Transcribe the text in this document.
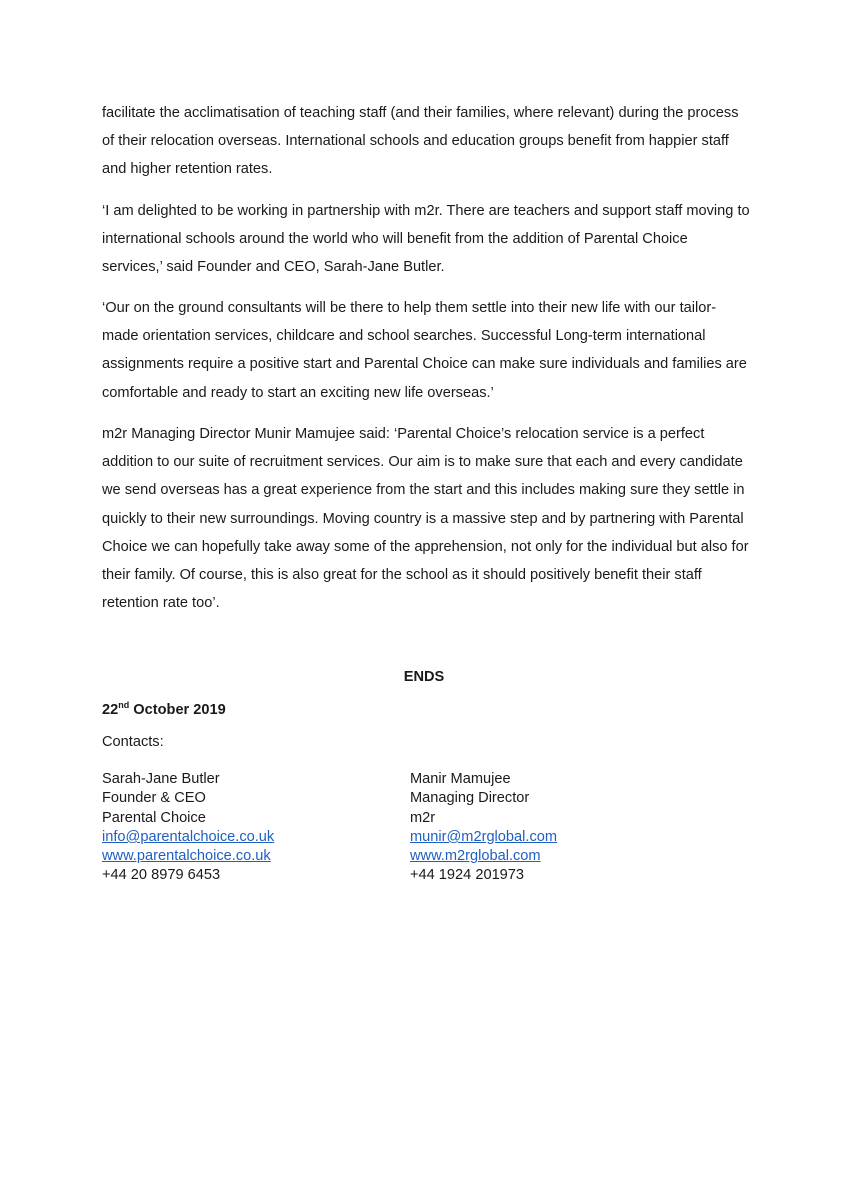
facilitate the acclimatisation of teaching staff (and their families, where relevant) during the process of their relocation overseas. International schools and education groups benefit from happier staff and higher retention rates.

‘I am delighted to be working in partnership with m2r. There are teachers and support staff moving to international schools around the world who will benefit from the addition of Parental Choice services,’ said Founder and CEO, Sarah-Jane Butler.

‘Our on the ground consultants will be there to help them settle into their new life with our tailor-made orientation services, childcare and school searches. Successful Long-term international assignments require a positive start and Parental Choice can make sure individuals and families are comfortable and ready to start an exciting new life overseas.’

m2r Managing Director Munir Mamujee said: ‘Parental Choice’s relocation service is a perfect addition to our suite of recruitment services. Our aim is to make sure that each and every candidate we send overseas has a great experience from the start and this includes making sure they settle in quickly to their new surroundings. Moving country is a massive step and by partnering with Parental Choice we can hopefully take away some of the apprehension, not only for the individual but also for their family. Of course, this is also great for the school as it should positively benefit their staff retention rate too’.

ENDS
22nd October 2019
Contacts:
Sarah-Jane Butler
Founder & CEO
Parental Choice
info@parentalchoice.co.uk
www.parentalchoice.co.uk
+44 20 8979 6453
Manir Mamujee
Managing Director
m2r
munir@m2rglobal.com
www.m2rglobal.com
+44 1924 201973
